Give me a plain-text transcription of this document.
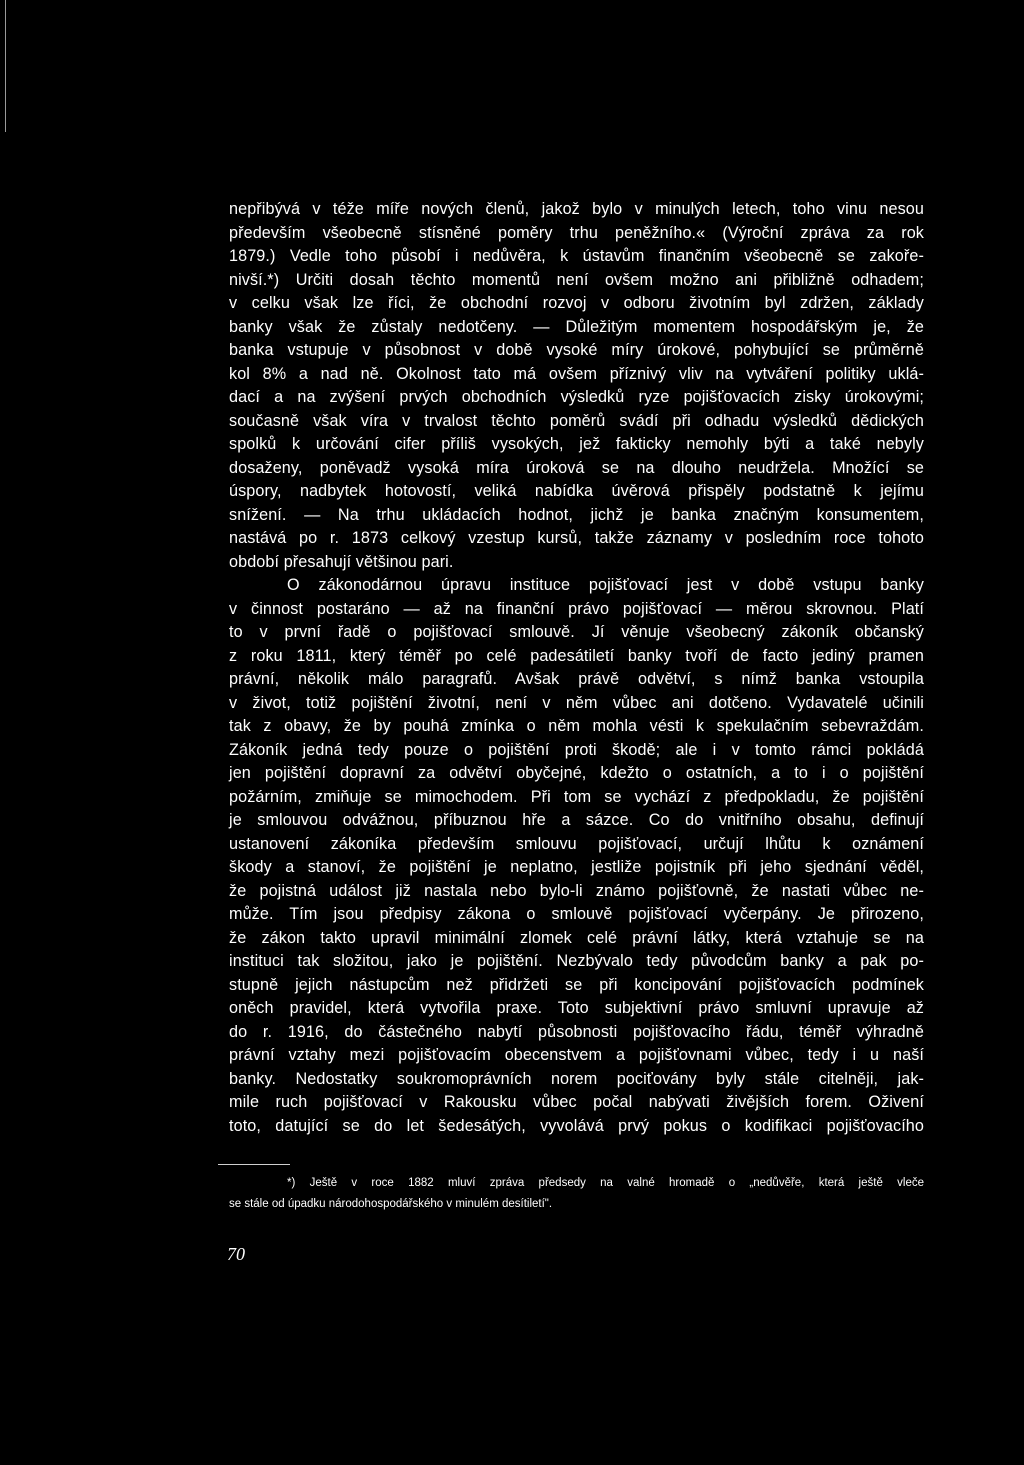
nepřibývá v téže míře nových členů, jakož bylo v minulých letech, toho vinu nesou
především všeobecně stísněné poměry trhu peněžního.« (Výroční zpráva za rok
1879.) Vedle toho působí i nedůvěra, k ústavům finančním všeobecně se zakoře-
nivší.*) Určiti dosah těchto momentů není ovšem možno ani přibližně odhadem;
v celku však lze říci, že obchodní rozvoj v odboru životním byl zdržen, základy
banky však že zůstaly nedotčeny. — Důležitým momentem hospodářským je, že
banka vstupuje v působnost v době vysoké míry úrokové, pohybující se průměrně
kol 8% a nad ně. Okolnost tato má ovšem příznivý vliv na vytváření politiky uklá-
dací a na zvýšení prvých obchodních výsledků ryze pojišťovacích zisky úrokovými;
současně však víra v trvalost těchto poměrů svádí při odhadu výsledků dědických
spolků k určování cifer příliš vysokých, jež fakticky nemohly býti a také nebyly
dosaženy, poněvadž vysoká míra úroková se na dlouho neudržela. Množící se
úspory, nadbytek hotovostí, veliká nabídka úvěrová přispěly podstatně k jejímu
snížení. — Na trhu ukládacích hodnot, jichž je banka značným konsumentem,
nastává po r. 1873 celkový vzestup kursů, takže záznamy v posledním roce tohoto
období přesahují většinou pari.
O zákonodárnou úpravu instituce pojišťovací jest v době vstupu banky
v činnost postaráno — až na finanční právo pojišťovací — měrou skrovnou. Platí
to v první řadě o pojišťovací smlouvě. Jí věnuje všeobecný zákoník občanský
z roku 1811, který téměř po celé padesátiletí banky tvoří de facto jediný pramen
právní, několik málo paragrafů. Avšak právě odvětví, s nímž banka vstoupila
v život, totiž pojištění životní, není v něm vůbec ani dotčeno. Vydavatelé učinili
tak z obavy, že by pouhá zmínka o něm mohla vésti k spekulačním sebevraždám.
Zákoník jedná tedy pouze o pojištění proti škodě; ale i v tomto rámci pokládá
jen pojištění dopravní za odvětví obyčejné, kdežto o ostatních, a to i o pojištění
požárním, zmiňuje se mimochodem. Při tom se vychází z předpokladu, že pojištění
je smlouvou odvážnou, příbuznou hře a sázce. Co do vnitřního obsahu, definují
ustanovení zákoníka především smlouvu pojišťovací, určují lhůtu k oznámení
škody a stanoví, že pojištění je neplatno, jestliže pojistník při jeho sjednání věděl,
že pojistná událost již nastala nebo bylo-li známo pojišťovně, že nastati vůbec ne-
může. Tím jsou předpisy zákona o smlouvě pojišťovací vyčerpány. Je přirozeno,
že zákon takto upravil minimální zlomek celé právní látky, která vztahuje se na
instituci tak složitou, jako je pojištění. Nezbývalo tedy původcům banky a pak po-
stupně jejich nástupcům než přidržeti se při koncipování pojišťovacích podmínek
oněch pravidel, která vytvořila praxe. Toto subjektivní právo smluvní upravuje až
do r. 1916, do částečného nabytí působnosti pojišťovacího řádu, téměř výhradně
právní vztahy mezi pojišťovacím obecenstvem a pojišťovnami vůbec, tedy i u naší
banky. Nedostatky soukromoprávních norem pociťovány byly stále citelněji, jak-
mile ruch pojišťovací v Rakousku vůbec počal nabývati živějších forem. Oživení
toto, datující se do let šedesátých, vyvolává prvý pokus o kodifikaci pojišťovacího
*) Ještě v roce 1882 mluví zpráva předsedy na valné hromadě o „nedůvěře, která ještě vleče
se stále od úpadku národohospodářského v minulém desítiletí".
70
